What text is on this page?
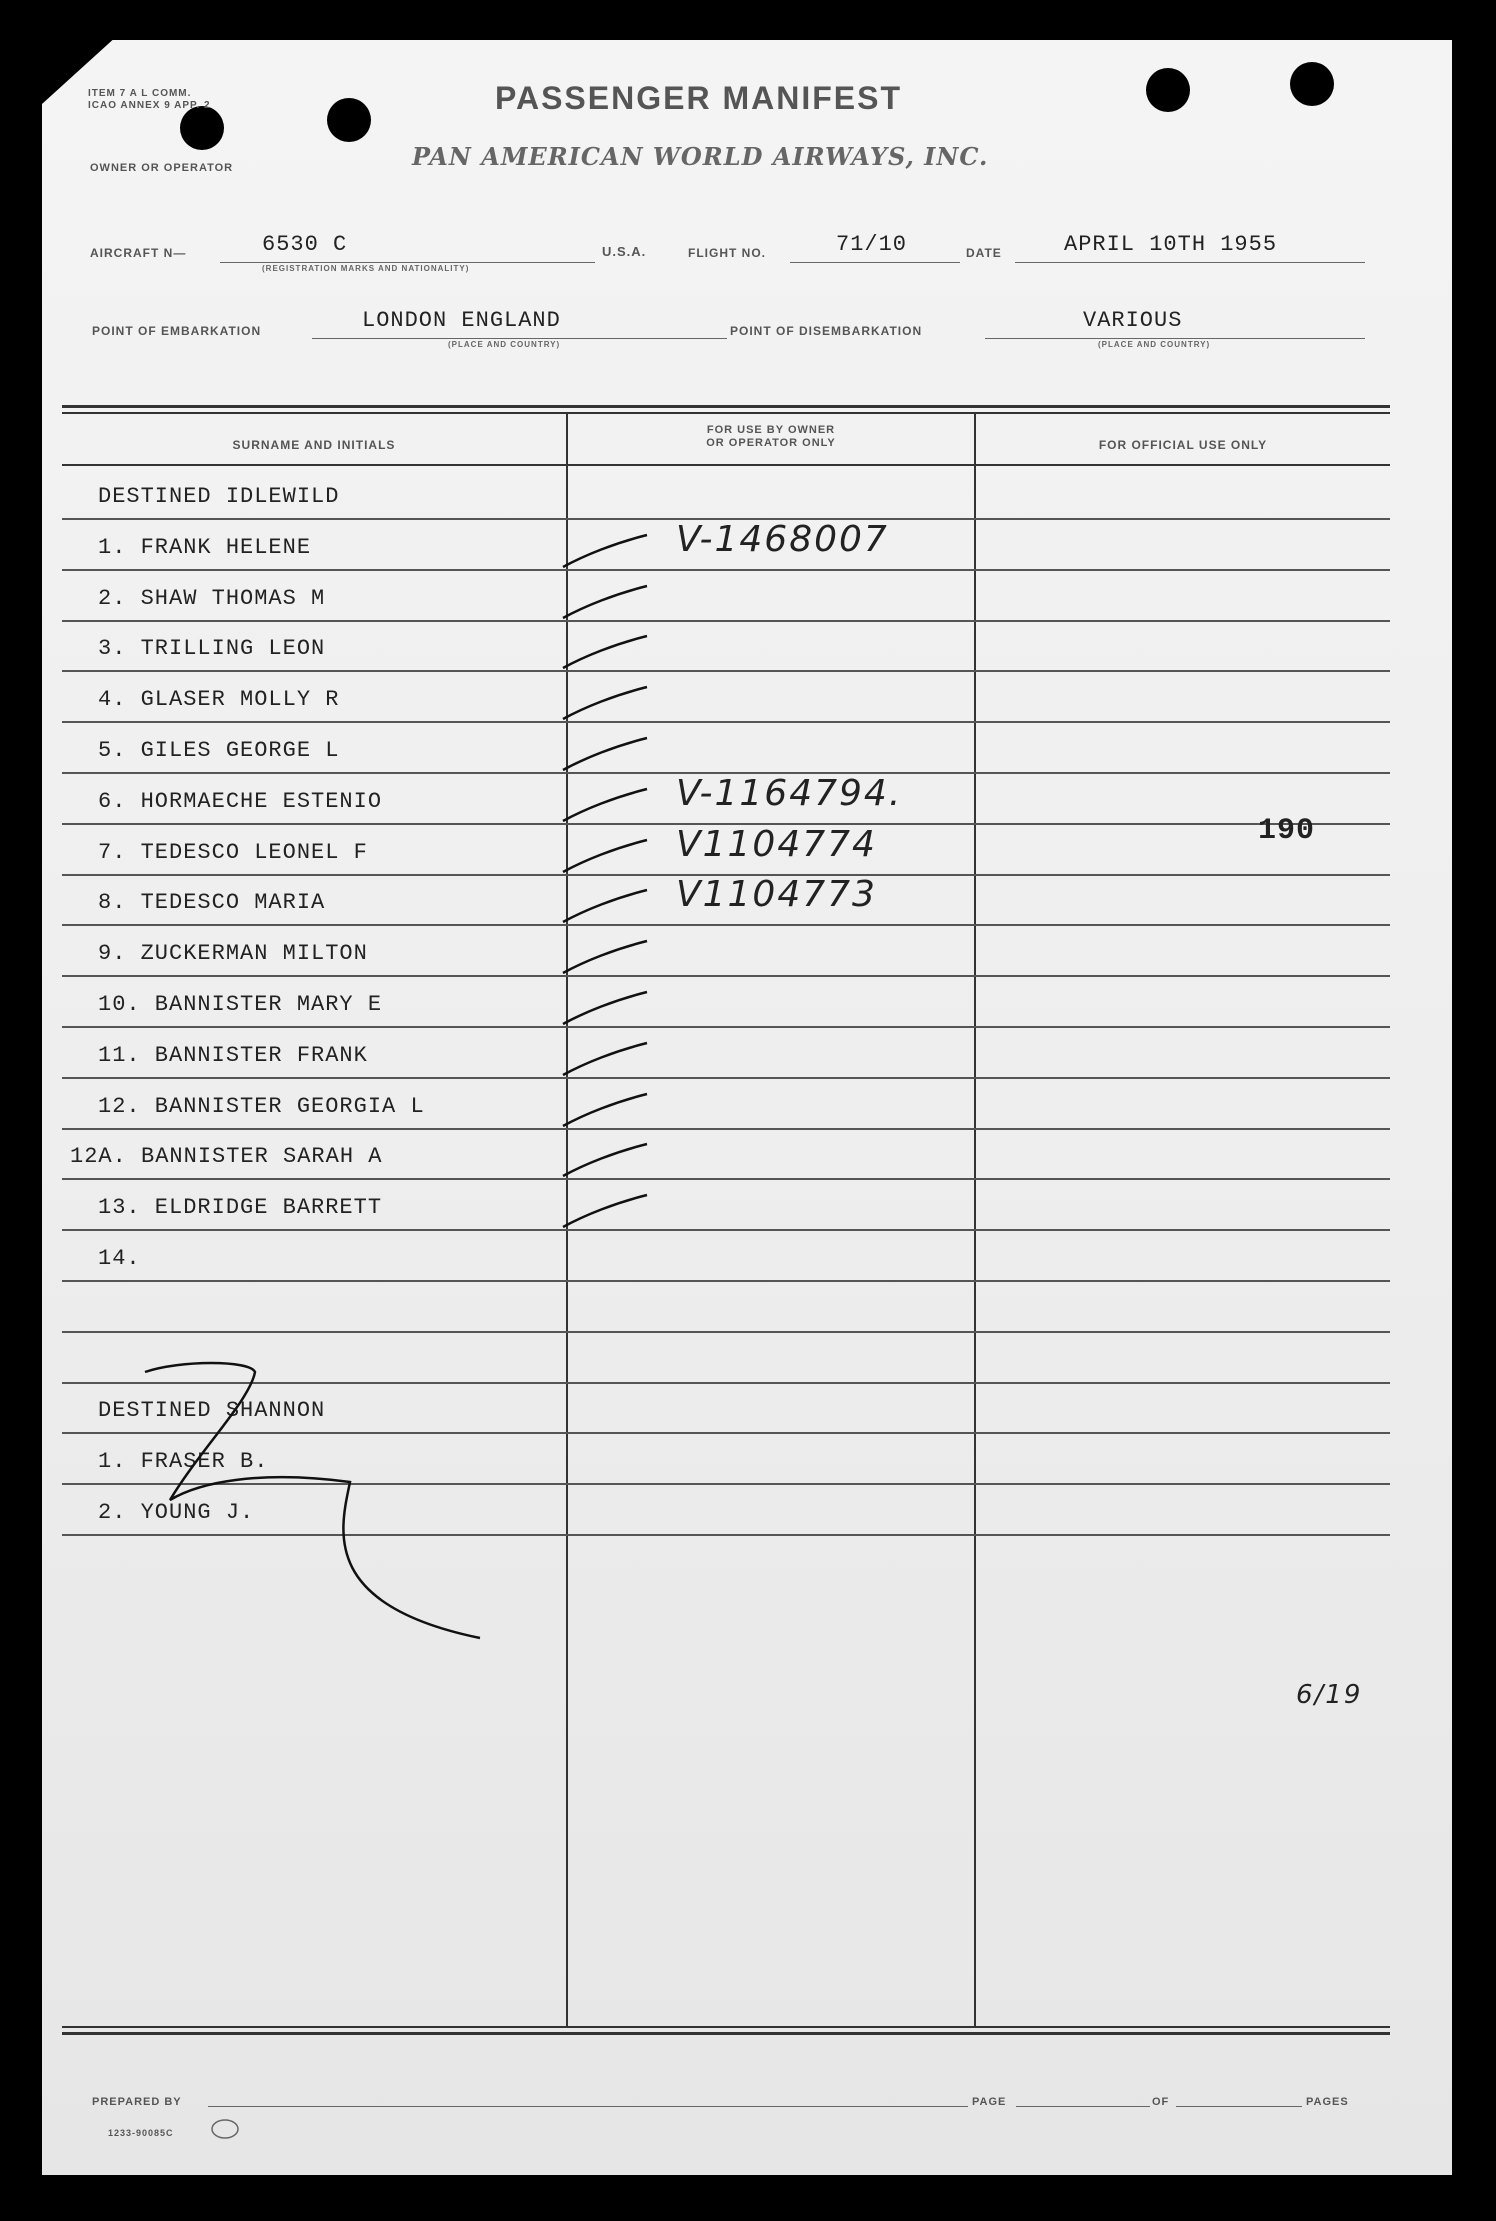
ITEM 7 A L COMM.
ICAO ANNEX 9 APP. 2
OWNER OR OPERATOR
PASSENGER MANIFEST
PAN AMERICAN WORLD AIRWAYS, INC.
AIRCRAFT N—	6530 C
(REGISTRATION MARKS AND NATIONALITY)
U.S.A.	FLIGHT NO.	71/10	DATE	APRIL 10TH 1955
POINT OF EMBARKATION	LONDON ENGLAND
(PLACE AND COUNTRY)
POINT OF DISEMBARKATION	VARIOUS
(PLACE AND COUNTRY)
SURNAME AND INITIALS
FOR USE BY OWNER
OR OPERATOR ONLY	FOR OFFICIAL USE ONLY
DESTINED IDLEWILD
1. FRANK HELENE	V-1468007
2. SHAW THOMAS M
3. TRILLING LEON
4. GLASER MOLLY R
5. GILES GEORGE L
6. HORMAECHE ESTENIO	V-1164794.
7. TEDESCO LEONEL F	V1104774
8. TEDESCO MARIA	V1104773
9. ZUCKERMAN MILTON
10. BANNISTER MARY E
11. BANNISTER FRANK
12. BANNISTER GEORGIA L
12A. BANNISTER SARAH A
13. ELDRIDGE BARRETT
14.
DESTINED SHANNON
1. FRASER B.
2. YOUNG J.
190
6/19
PREPARED BY	PAGE	OF	PAGES
1233-90085C
